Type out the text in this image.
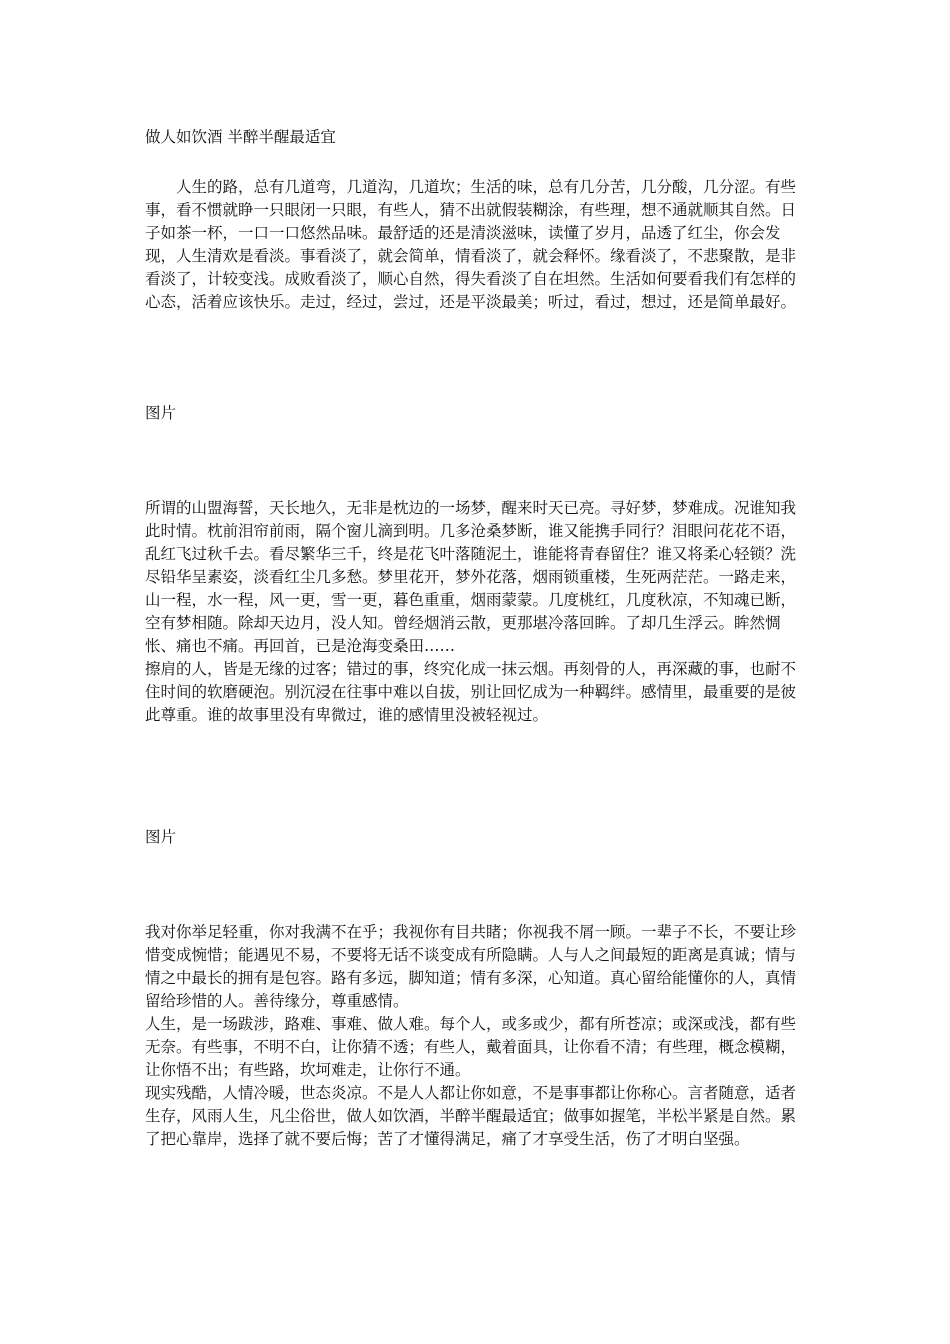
做人如饮酒 半醉半醒最适宜

人生的路，总有几道弯，几道沟，几道坎；生活的味，总有几分苦，几分酸，几分涩。有些事，看不惯就睁一只眼闭一只眼，有些人，猜不出就假装糊涂，有些理，想不通就顺其自然。日子如茶一杯，一口一口悠然品味。最舒适的还是清淡滋味，读懂了岁月，品透了红尘，你会发现，人生清欢是看淡。事看淡了，就会简单，情看淡了，就会释怀。缘看淡了，不悲聚散，是非看淡了，计较变浅。成败看淡了，顺心自然，得失看淡了自在坦然。生活如何要看我们有怎样的心态，活着应该快乐。走过，经过，尝过，还是平淡最美；听过，看过，想过，还是简单最好。

图片

所谓的山盟海誓，天长地久，无非是枕边的一场梦，醒来时天已亮。寻好梦，梦难成。况谁知我此时情。枕前泪帘前雨，隔个窗儿滴到明。几多沧桑梦断，谁又能携手同行？泪眼问花花不语，乱红飞过秋千去。看尽繁华三千，终是花飞叶落随泥土，谁能将青春留住？谁又将柔心轻锁？洗尽铅华呈素姿，淡看红尘几多愁。梦里花开，梦外花落，烟雨锁重楼，生死两茫茫。一路走来，山一程，水一程，风一更，雪一更，暮色重重，烟雨蒙蒙。几度桃红，几度秋凉，不知魂已断，空有梦相随。除却天边月，没人知。曾经烟消云散，更那堪冷落回眸。了却几生浮云。眸然惆怅、痛也不痛。再回首，已是沧海变桑田……

擦肩的人，皆是无缘的过客；错过的事，终究化成一抹云烟。再刻骨的人，再深藏的事，也耐不住时间的软磨硬泡。别沉浸在往事中难以自拔，别让回忆成为一种羁绊。感情里，最重要的是彼此尊重。谁的故事里没有卑微过，谁的感情里没被轻视过。

图片

我对你举足轻重，你对我满不在乎；我视你有目共睹；你视我不屑一顾。一辈子不长，不要让珍惜变成惋惜；能遇见不易，不要将无话不谈变成有所隐瞒。人与人之间最短的距离是真诚；情与情之中最长的拥有是包容。路有多远，脚知道；情有多深，心知道。真心留给能懂你的人，真情留给珍惜的人。善待缘分，尊重感情。

人生，是一场跋涉，路难、事难、做人难。每个人，或多或少，都有所苍凉；或深或浅，都有些无奈。有些事，不明不白，让你猜不透；有些人，戴着面具，让你看不清；有些理，概念模糊，让你悟不出；有些路，坎坷难走，让你行不通。

现实残酷，人情冷暖，世态炎凉。不是人人都让你如意，不是事事都让你称心。言者随意，适者生存，风雨人生，凡尘俗世，做人如饮酒，半醉半醒最适宜；做事如握笔，半松半紧是自然。累了把心靠岸，选择了就不要后悔；苦了才懂得满足，痛了才享受生活，伤了才明白坚强。
